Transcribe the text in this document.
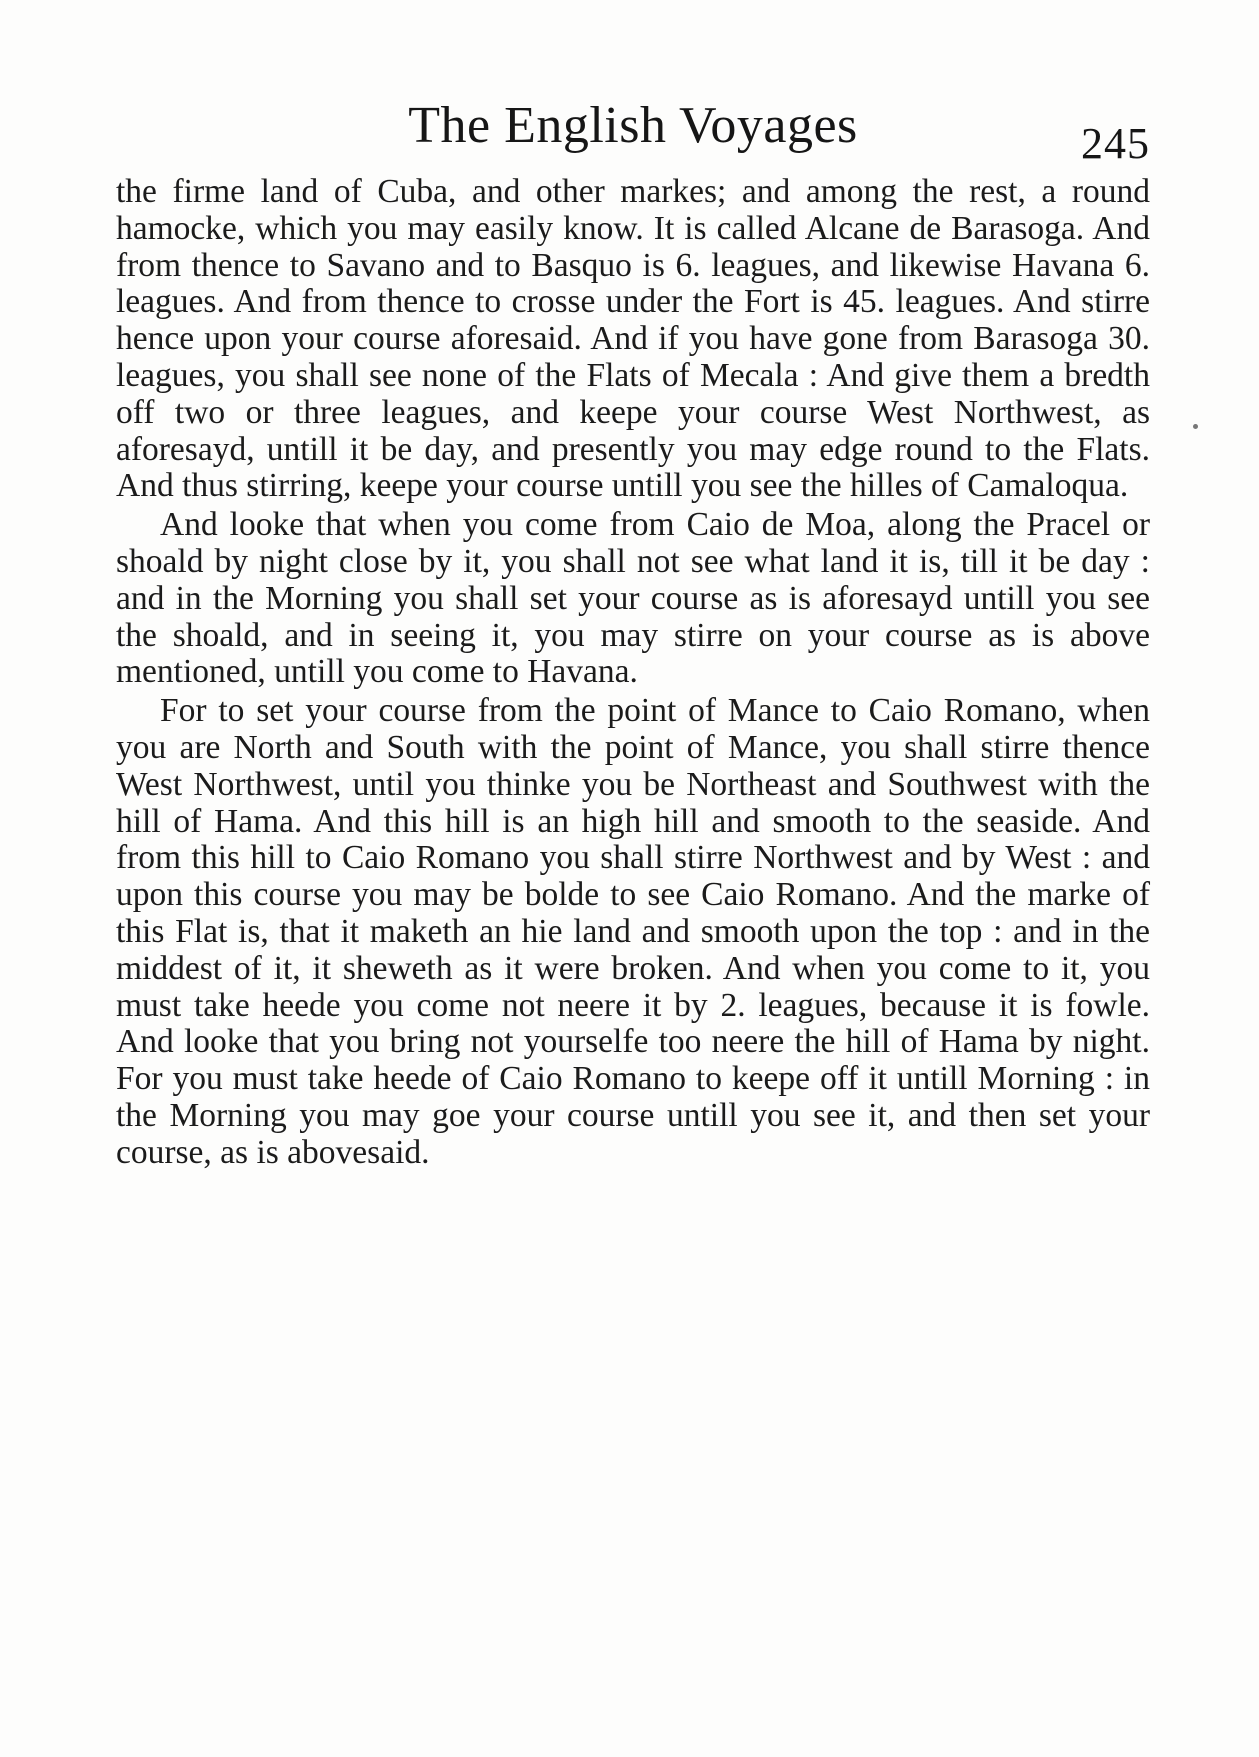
The English Voyages	245

the firme land of Cuba, and other markes; and among the rest, a round hamocke, which you may easily know. It is called Alcane de Barasoga. And from thence to Savano and to Basquo is 6. leagues, and likewise Havana 6. leagues. And from thence to crosse under the Fort is 45. leagues. And stirre hence upon your course aforesaid. And if you have gone from Barasoga 30. leagues, you shall see none of the Flats of Mecala : And give them a bredth off two or three leagues, and keepe your course West Northwest, as aforesayd, untill it be day, and presently you may edge round to the Flats. And thus stirring, keepe your course untill you see the hilles of Camaloqua.

And looke that when you come from Caio de Moa, along the Pracel or shoald by night close by it, you shall not see what land it is, till it be day : and in the Morning you shall set your course as is aforesayd untill you see the shoald, and in seeing it, you may stirre on your course as is above mentioned, untill you come to Havana.

For to set your course from the point of Mance to Caio Romano, when you are North and South with the point of Mance, you shall stirre thence West Northwest, until you thinke you be Northeast and Southwest with the hill of Hama. And this hill is an high hill and smooth to the seaside. And from this hill to Caio Romano you shall stirre Northwest and by West : and upon this course you may be bolde to see Caio Romano. And the marke of this Flat is, that it maketh an hie land and smooth upon the top : and in the middest of it, it sheweth as it were broken. And when you come to it, you must take heede you come not neere it by 2. leagues, because it is fowle. And looke that you bring not yourselfe too neere the hill of Hama by night. For you must take heede of Caio Romano to keepe off it untill Morning : in the Morning you may goe your course untill you see it, and then set your course, as is abovesaid.
